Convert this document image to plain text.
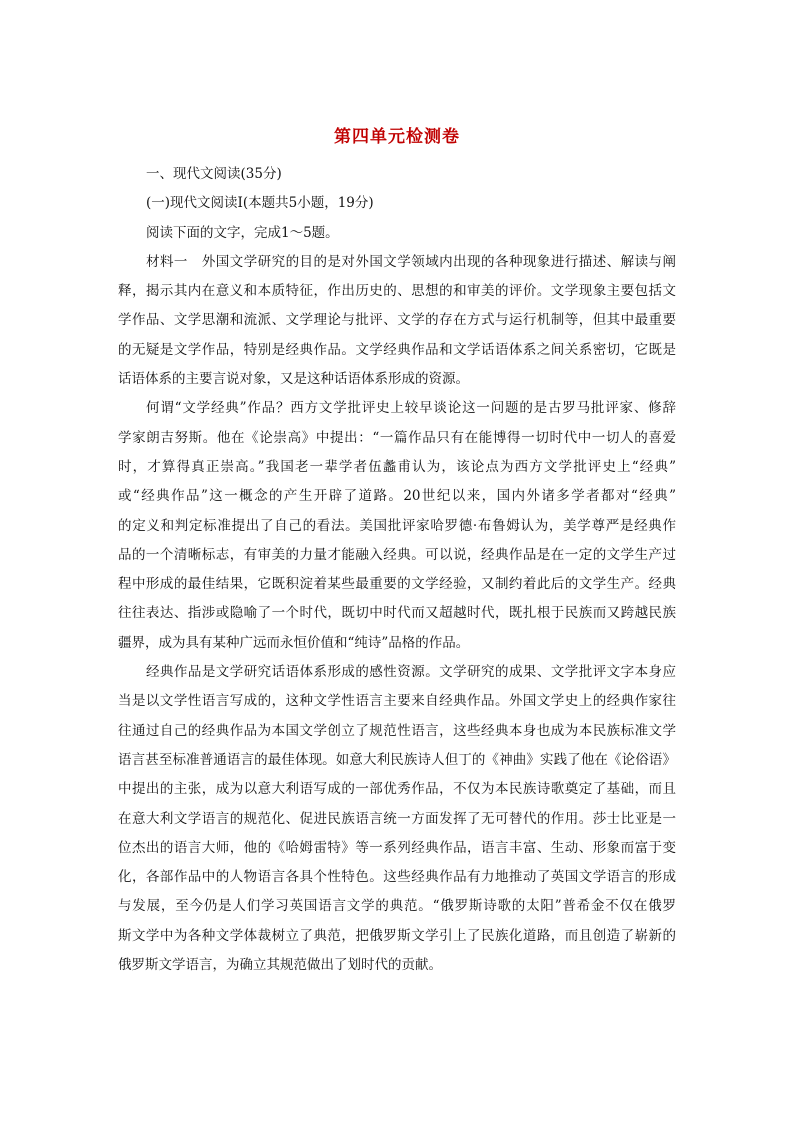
第四单元检测卷
一、现代文阅读(35分)
(一)现代文阅读Ⅰ(本题共5小题，19分)
阅读下面的文字，完成1～5题。
材料一　外国文学研究的目的是对外国文学领域内出现的各种现象进行描述、解读与阐
释，揭示其内在意义和本质特征，作出历史的、思想的和审美的评价。文学现象主要包括文
学作品、文学思潮和流派、文学理论与批评、文学的存在方式与运行机制等，但其中最重要
的无疑是文学作品，特别是经典作品。文学经典作品和文学话语体系之间关系密切，它既是
话语体系的主要言说对象，又是这种话语体系形成的资源。
何谓“文学经典”作品？西方文学批评史上较早谈论这一问题的是古罗马批评家、修辞
学家朗吉努斯。他在《论崇高》中提出：“一篇作品只有在能博得一切时代中一切人的喜爱
时，才算得真正崇高。”我国老一辈学者伍蠡甫认为，该论点为西方文学批评史上“经典”
或“经典作品”这一概念的产生开辟了道路。20世纪以来，国内外诸多学者都对“经典”
的定义和判定标准提出了自己的看法。美国批评家哈罗德·布鲁姆认为，美学尊严是经典作
品的一个清晰标志，有审美的力量才能融入经典。可以说，经典作品是在一定的文学生产过
程中形成的最佳结果，它既积淀着某些最重要的文学经验，又制约着此后的文学生产。经典
往往表达、指涉或隐喻了一个时代，既切中时代而又超越时代，既扎根于民族而又跨越民族
疆界，成为具有某种广远而永恒价值和“纯诗”品格的作品。
经典作品是文学研究话语体系形成的感性资源。文学研究的成果、文学批评文字本身应
当是以文学性语言写成的，这种文学性语言主要来自经典作品。外国文学史上的经典作家往
往通过自己的经典作品为本国文学创立了规范性语言，这些经典本身也成为本民族标准文学
语言甚至标准普通语言的最佳体现。如意大利民族诗人但丁的《神曲》实践了他在《论俗语》
中提出的主张，成为以意大利语写成的一部优秀作品，不仅为本民族诗歌奠定了基础，而且
在意大利文学语言的规范化、促进民族语言统一方面发挥了无可替代的作用。莎士比亚是一
位杰出的语言大师，他的《哈姆雷特》等一系列经典作品，语言丰富、生动、形象而富于变
化，各部作品中的人物语言各具个性特色。这些经典作品有力地推动了英国文学语言的形成
与发展，至今仍是人们学习英国语言文学的典范。“俄罗斯诗歌的太阳”普希金不仅在俄罗
斯文学中为各种文学体裁树立了典范，把俄罗斯文学引上了民族化道路，而且创造了崭新的
俄罗斯文学语言，为确立其规范做出了划时代的贡献。
